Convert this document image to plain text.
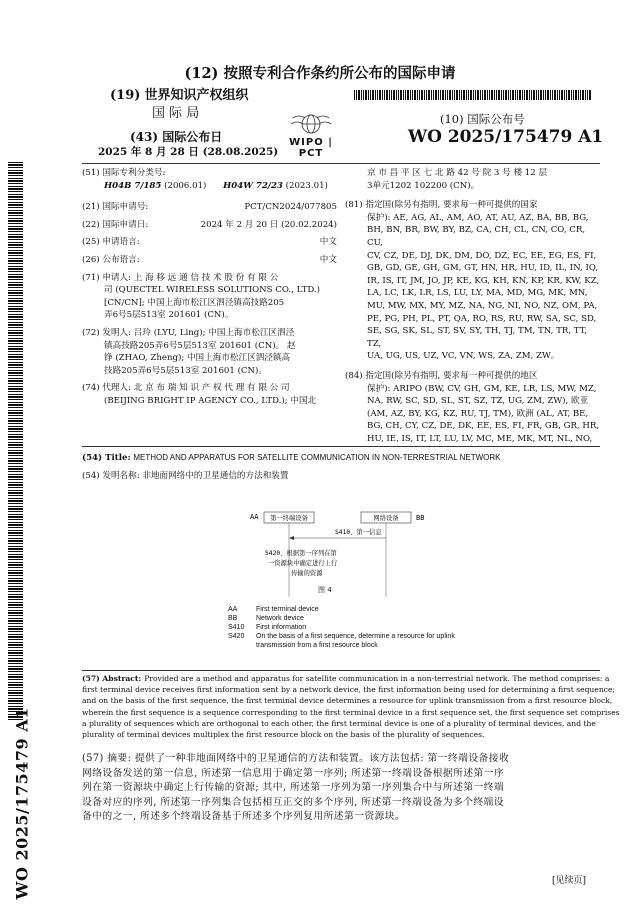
(12) 按照专利合作条约所公布的国际申请
(19) 世界知识产权组织
国 际 局
(43) 国际公布日
2025 年 8 月 28 日 (28.08.2025)
WIPO | PCT
(10) 国际公布号
WO 2025/175479 A1
(51) 国际专利分类号:
H04B 7/185 (2006.01) H04W 72/23 (2023.01)
(21) 国际申请号:	PCT/CN2024/077805
(22) 国际申请日:	2024 年 2 月 20 日 (20.02.2024)
(25) 申请语言:	中文
(26) 公布语言:	中文
(71) 申请人: 上 海 移 远 通 信 技 术 股 份 有 限 公
司 (QUECTEL WIRELESS SOLUTIONS CO., LTD.)
[CN/CN]; 中国上海市松江区泗泾镇高技路205
弄6号5层513室 201601 (CN)。
(72) 发明人: 吕玲 (LYU, Ling); 中国上海市松江区泗泾
镇高技路205弄6号5层513室 201601 (CN)。 赵
铮 (ZHAO, Zheng); 中国上海市松江区泗泾镇高
技路205弄6号5层513室 201601 (CN)。
(74) 代理人: 北 京 布 瑞 知 识 产 权 代 理 有 限 公 司
(BEIJING BRIGHT IP AGENCY CO., LTD.); 中国北
京 市 昌 平 区 七 北 路 42 号 院 3 号 楼 12 层
3单元1202 102200 (CN)。
(81) 指定国(除另有指明, 要求每一种可提供的国家
保护): AE, AG, AL, AM, AO, AT, AU, AZ, BA, BB, BG,
BH, BN, BR, BW, BY, BZ, CA, CH, CL, CN, CO, CR, CU,
CV, CZ, DE, DJ, DK, DM, DO, DZ, EC, EE, EG, ES, FI,
GB, GD, GE, GH, GM, GT, HN, HR, HU, ID, IL, IN, IQ,
IR, IS, IT, JM, JO, JP, KE, KG, KH, KN, KP, KR, KW, KZ,
LA, LC, LK, LR, LS, LU, LY, MA, MD, MG, MK, MN,
MU, MW, MX, MY, MZ, NA, NG, NI, NO, NZ, OM, PA,
PE, PG, PH, PL, PT, QA, RO, RS, RU, RW, SA, SC, SD,
SE, SG, SK, SL, ST, SV, SY, TH, TJ, TM, TN, TR, TT, TZ,
UA, UG, US, UZ, VC, VN, WS, ZA, ZM, ZW。
(84) 指定国(除另有指明, 要求每一种可提供的地区
保护): ARIPO (BW, CV, GH, GM, KE, LR, LS, MW, MZ,
NA, RW, SC, SD, SL, ST, SZ, TZ, UG, ZM, ZW), 欧亚
(AM, AZ, BY, KG, KZ, RU, TJ, TM), 欧洲 (AL, AT, BE,
BG, CH, CY, CZ, DE, DK, EE, ES, FI, FR, GB, GR, HR,
HU, IE, IS, IT, LT, LU, LV, MC, ME, MK, MT, NL, NO,
(54) Title: METHOD AND APPARATUS FOR SATELLITE COMMUNICATION IN NON-TERRESTRIAL NETWORK
(54) 发明名称: 非地面网络中的卫星通信的方法和装置
AA 第一终端设备	网络设备 BB
S410、第一信息
S420、根据第一序列在第
一资源块中确定进行上行
传输的资源
图 4
AA	First terminal device
BB	Network device
S410	First information
S420	On the basis of a first sequence, determine a resource for uplink
transmission from a first resource block
(57) Abstract: Provided are a method and apparatus for satellite communication in a non-terrestrial network. The method comprises: a
first terminal device receives first information sent by a network device, the first information being used for determining a first sequence;
and on the basis of the first sequence, the first terminal device determines a resource for uplink transmission from a first resource block,
wherein the first sequence is a sequence corresponding to the first terminal device in a first sequence set, the first sequence set comprises
a plurality of sequences which are orthogonal to each other, the first terminal device is one of a plurality of terminal devices, and the
plurality of terminal devices multiplex the first resource block on the basis of the plurality of sequences.
(57) 摘要: 提供了一种非地面网络中的卫星通信的方法和装置。该方法包括: 第一终端设备接收
网络设备发送的第一信息, 所述第一信息用于确定第一序列; 所述第一终端设备根据所述第一序
列在第一资源块中确定上行传输的资源; 其中, 所述第一序列为第一序列集合中与所述第一终端
设备对应的序列, 所述第一序列集合包括相互正交的多个序列, 所述第一终端设备为多个终端设
备中的之一, 所述多个终端设备基于所述多个序列复用所述第一资源块。
WO 2025/175479 A1	[见续页]
